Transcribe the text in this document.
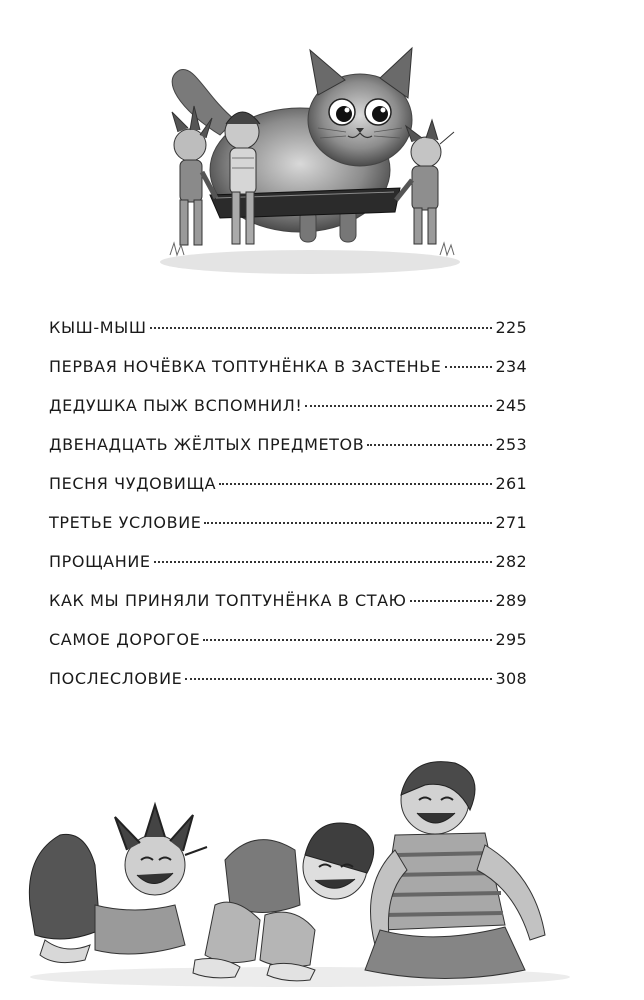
КЫШ-МЫШ	225
ПЕРВАЯ НОЧЁВКА ТОПТУНЁНКА В ЗАСТЕНЬЕ	234
ДЕДУШКА ПЫЖ ВСПОМНИЛ!	245
ДВЕНАДЦАТЬ ЖЁЛТЫХ ПРЕДМЕТОВ	253
ПЕСНЯ ЧУДОВИЩА	261
ТРЕТЬЕ УСЛОВИЕ	271
ПРОЩАНИЕ	282
КАК МЫ ПРИНЯЛИ ТОПТУНЁНКА В СТАЮ	289
САМОЕ ДОРОГОЕ	295
ПОСЛЕСЛОВИЕ	308
